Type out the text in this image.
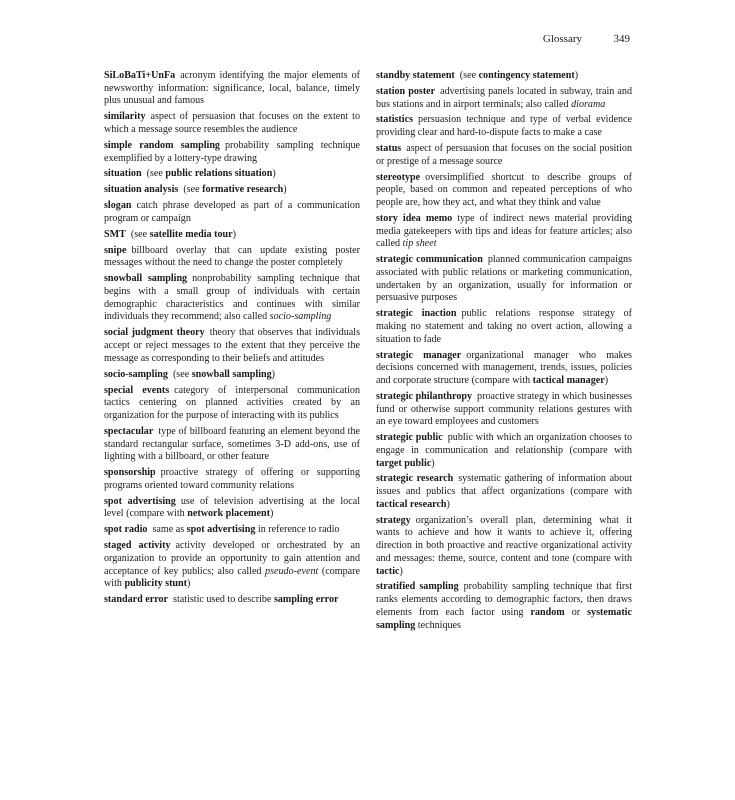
Glossary	349
SiLoBaTi+UnFa acronym identifying the major elements of newsworthy information: significance, local, balance, timely plus unusual and famous
similarity aspect of persuasion that focuses on the extent to which a message source resembles the audience
simple random sampling probability sampling technique exemplified by a lottery-type drawing
situation (see public relations situation)
situation analysis (see formative research)
slogan catch phrase developed as part of a communication program or campaign
SMT (see satellite media tour)
snipe billboard overlay that can update existing poster messages without the need to change the poster completely
snowball sampling nonprobability sampling technique that begins with a small group of individuals with certain demographic characteristics and continues with similar individuals they recommend; also called socio-sampling
social judgment theory theory that observes that individuals accept or reject messages to the extent that they perceive the message as corresponding to their beliefs and attitudes
socio-sampling (see snowball sampling)
special events category of interpersonal communication tactics centering on planned activities created by an organization for the purpose of interacting with its publics
spectacular type of billboard featuring an element beyond the standard rectangular surface, sometimes 3-D add-ons, use of lighting with a billboard, or other feature
sponsorship proactive strategy of offering or supporting programs oriented toward community relations
spot advertising use of television advertising at the local level (compare with network placement)
spot radio same as spot advertising in reference to radio
staged activity activity developed or orchestrated by an organization to provide an opportunity to gain attention and acceptance of key publics; also called pseudo-event (compare with publicity stunt)
standard error statistic used to describe sampling error
standby statement (see contingency statement)
station poster advertising panels located in subway, train and bus stations and in airport terminals; also called diorama
statistics persuasion technique and type of verbal evidence providing clear and hard-to-dispute facts to make a case
status aspect of persuasion that focuses on the social position or prestige of a message source
stereotype oversimplified shortcut to describe groups of people, based on common and repeated perceptions of who people are, how they act, and what they think and value
story idea memo type of indirect news material providing media gatekeepers with tips and ideas for feature articles; also called tip sheet
strategic communication planned communication campaigns associated with public relations or marketing communication, undertaken by an organization, usually for information or persuasive purposes
strategic inaction public relations response strategy of making no statement and taking no overt action, allowing a situation to fade
strategic manager organizational manager who makes decisions concerned with management, trends, issues, policies and corporate structure (compare with tactical manager)
strategic philanthropy proactive strategy in which businesses fund or otherwise support community relations gestures with an eye toward employees and customers
strategic public public with which an organization chooses to engage in communication and relationship (compare with target public)
strategic research systematic gathering of information about issues and publics that affect organizations (compare with tactical research)
strategy organization’s overall plan, determining what it wants to achieve and how it wants to achieve it, offering direction in both proactive and reactive organizational activity and messages: theme, source, content and tone (compare with tactic)
stratified sampling probability sampling technique that first ranks elements according to demographic factors, then draws elements from each factor using random or systematic sampling techniques
